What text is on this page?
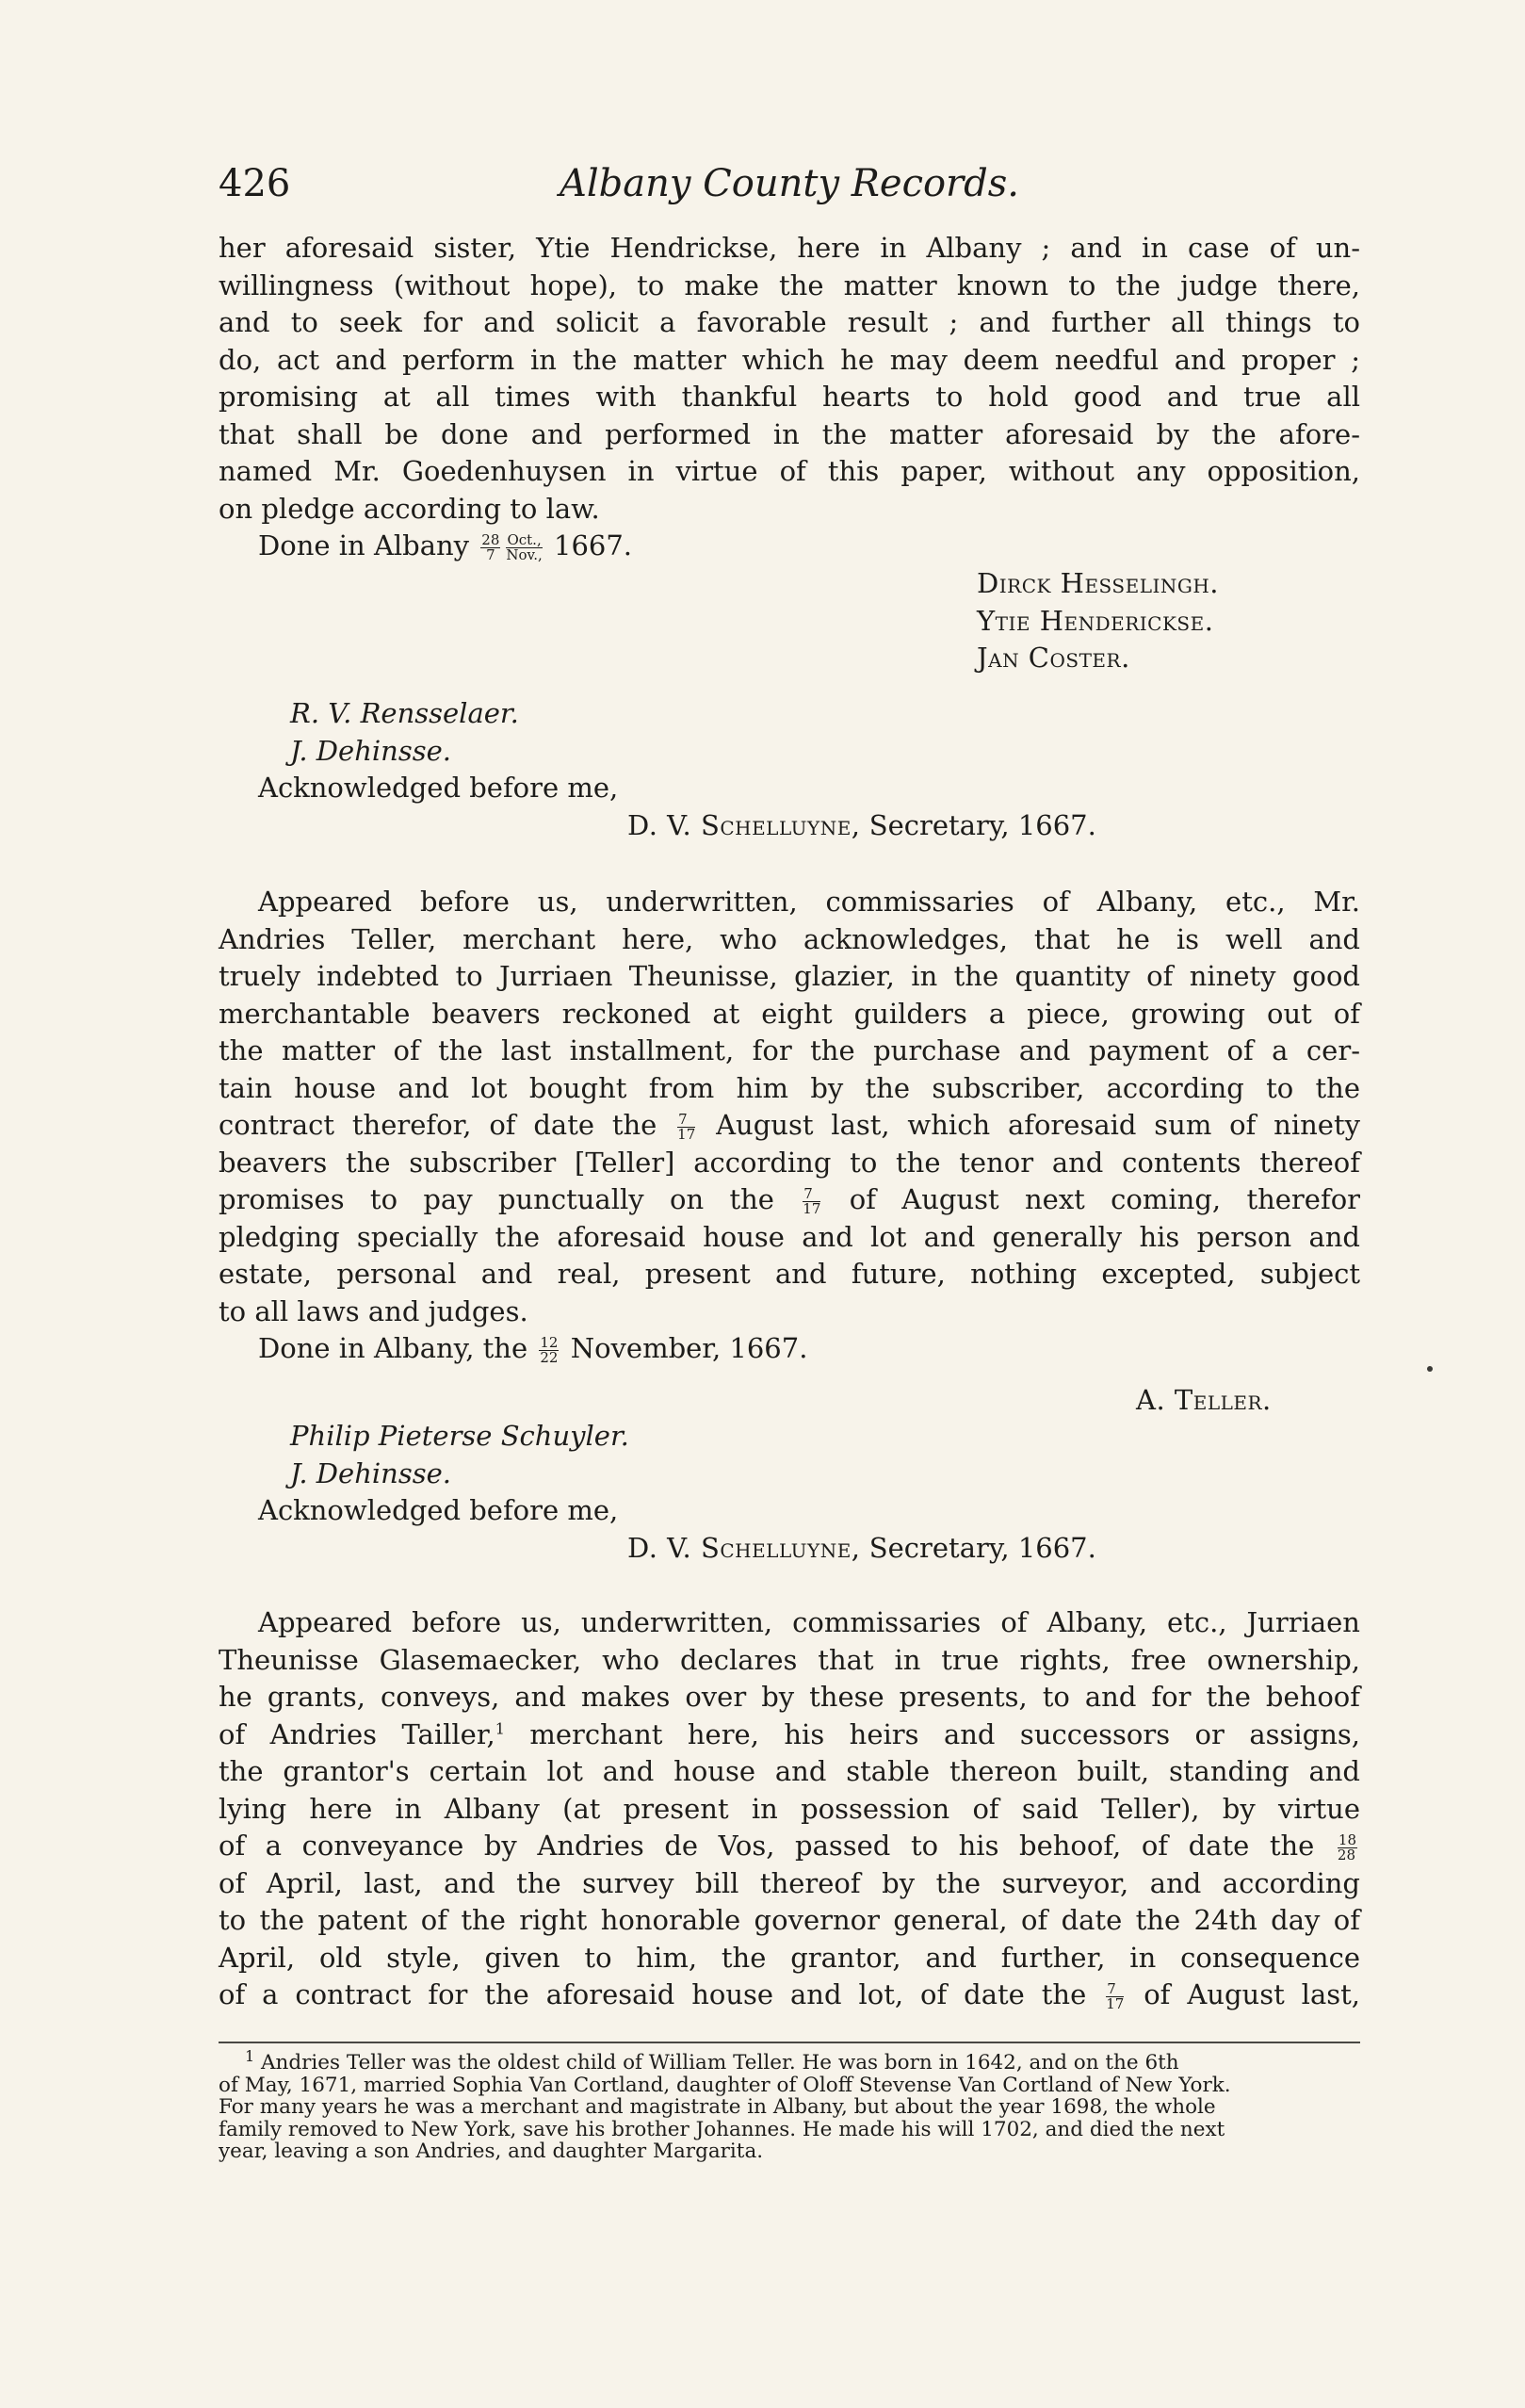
426	Albany County Records.
her aforesaid sister, Ytie Hendrickse, here in Albany ; and in case of un-
willingness (without hope), to make the matter known to the judge there,
and to seek for and solicit a favorable result ; and further all things to
do, act and perform in the matter which he may deem needful and proper ;
promising at all times with thankful hearts to hold good and true all
that shall be done and performed in the matter aforesaid by the afore-
named Mr. Goedenhuysen in virtue of this paper, without any opposition,
on pledge according to law.
Done in Albany $\frac{28}{7} \frac{\text{Oct.,}}{\text{Nov.,}} 1667$.
Dirck Hesselingh.
Ytie Henderickse.
Jan Coster.
R. V. Rensselaer.
J. Dehinsse.
Acknowledged before me,
D. V. Schelluyne, Secretary, 1667.
Appeared before us, underwritten, commissaries of Albany, etc., Mr.
Andries Teller, merchant here, who acknowledges, that he is well and
truely indebted to Jurriaen Theunisse, glazier, in the quantity of ninety good
merchantable beavers reckoned at eight guilders a piece, growing out of
the matter of the last installment, for the purchase and payment of a cer-
tain house and lot bought from him by the subscriber, according to the
contract therefor, of date the $\frac{7}{17}$ August last, which aforesaid sum of ninety
beavers the subscriber [Teller] according to the tenor and contents thereof
promises to pay punctually on the $\frac{7}{17}$ of August next coming, therefor
pledging specially the aforesaid house and lot and generally his person and
estate, personal and real, present and future, nothing excepted, subject
to all laws and judges.
Done in Albany, the $\frac{12}{22}$ November, 1667.
A. Teller.
Philip Pieterse Schuyler.
J. Dehinsse.
Acknowledged before me,
D. V. Schelluyne, Secretary, 1667.
Appeared before us, underwritten, commissaries of Albany, etc., Jurriaen
Theunisse Glasemaecker, who declares that in true rights, free ownership,
he grants, conveys, and makes over by these presents, to and for the behoof
of Andries Tailler,$^1$ merchant here, his heirs and successors or assigns,
the grantor's certain lot and house and stable thereon built, standing and
lying here in Albany (at present in possession of said Teller), by virtue
of a conveyance by Andries de Vos, passed to his behoof, of date the $\frac{18}{28}$
of April, last, and the survey bill thereof by the surveyor, and according
to the patent of the right honorable governor general, of date the 24th day of
April, old style, given to him, the grantor, and further, in consequence
of a contract for the aforesaid house and lot, of date the $\frac{7}{17}$ of August last,
$^1$ Andries Teller was the oldest child of William Teller. He was born in 1642, and on the 6th
of May, 1671, married Sophia Van Cortland, daughter of Oloff Stevense Van Cortland of New York.
For many years he was a merchant and magistrate in Albany, but about the year 1698, the whole
family removed to New York, save his brother Johannes. He made his will 1702, and died the next
year, leaving a son Andries, and daughter Margarita.
